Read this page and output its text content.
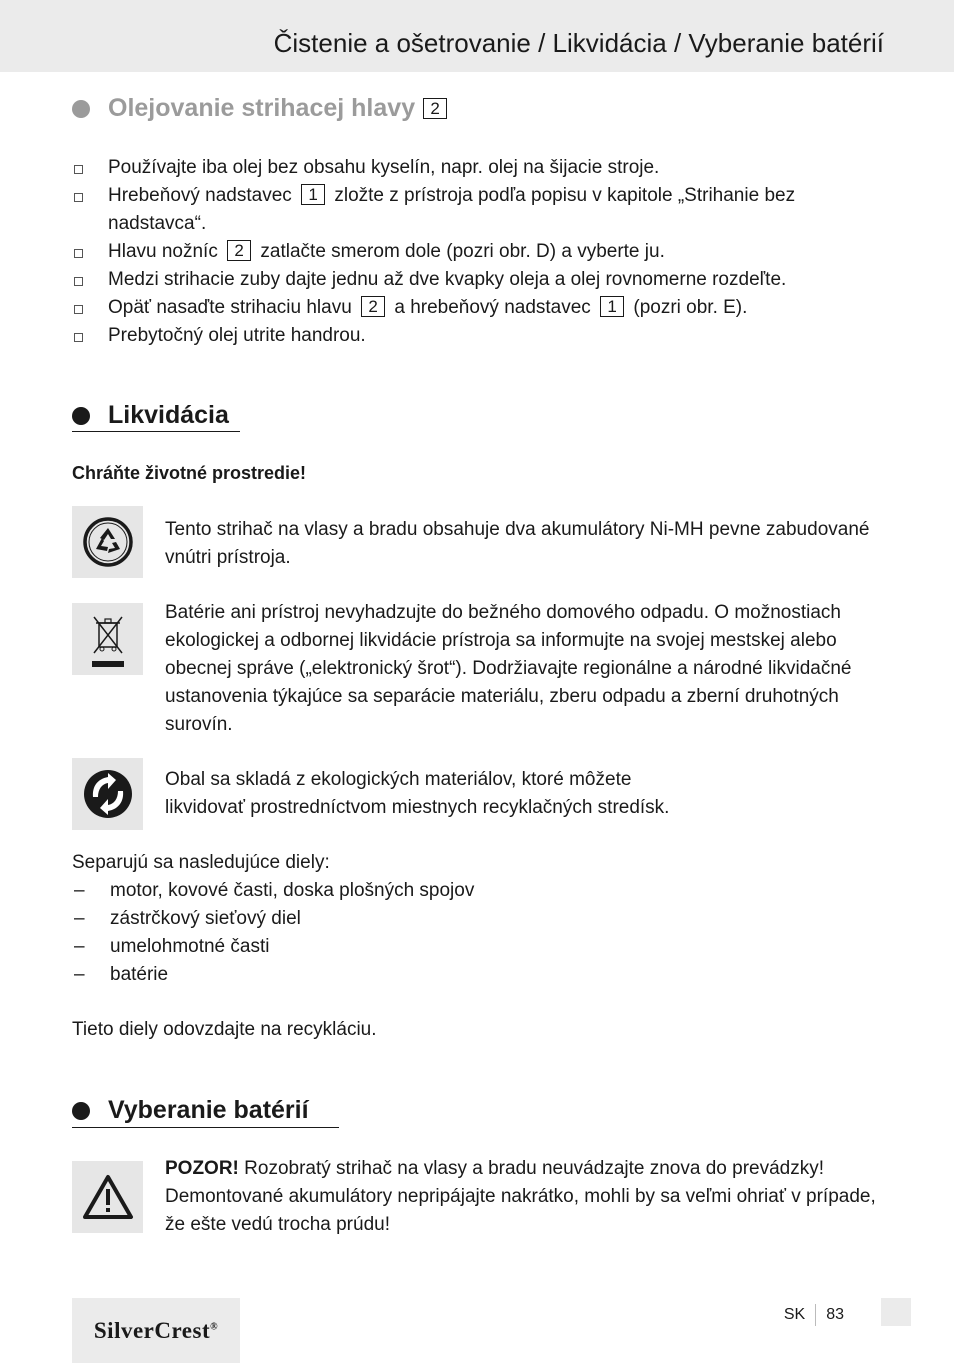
Čistenie a ošetrovanie / Likvidácia / Vyberanie batérií
Olejovanie strihacej hlavy 2
Používajte iba olej bez obsahu kyselín, napr. olej na šijacie stroje.
Hrebeňový nadstavec 1 zložte z prístroja podľa popisu v kapitole „Strihanie bez nadstavca“.
Hlavu nožníc 2 zatlačte smerom dole (pozri obr. D) a vyberte ju.
Medzi strihacie zuby dajte jednu až dve kvapky oleja a olej rovnomerne rozdeľte.
Opäť nasaďte strihaciu hlavu 2 a hrebeňový nadstavec 1 (pozri obr. E).
Prebytočný olej utrite handrou.
Likvidácia
Chráňte životné prostredie!
Tento strihač na vlasy a bradu obsahuje dva akumulátory Ni-MH pevne zabudované vnútri prístroja.
Batérie ani prístroj nevyhadzujte do bežného domového odpadu. O možnostiach ekologickej a odbornej likvidácie prístroja sa informujte na svojej mestskej alebo obecnej správe („elektronický šrot“). Dodržiavajte regionálne a národné likvidačné ustanovenia týkajúce sa separácie materiálu, zberu odpadu a zberní druhotných surovín.
Obal sa skladá z ekologických materiálov, ktoré môžete
likvidovať prostredníctvom miestnych recyklačných stredísk.
Separujú sa nasledujúce diely:
–	motor, kovové časti, doska plošných spojov
–	zástrčkový sieťový diel
–	umelohmotné časti
–	batérie
Tieto diely odovzdajte na recykláciu.
Vyberanie batérií
POZOR! Rozobratý strihač na vlasy a bradu neuvádzajte znova do prevádzky!
Demontované akumulátory nepripájajte nakrátko, mohli by sa veľmi ohriať v prípade, že ešte vedú trocha prúdu!
SilverCrest®
SK 83
